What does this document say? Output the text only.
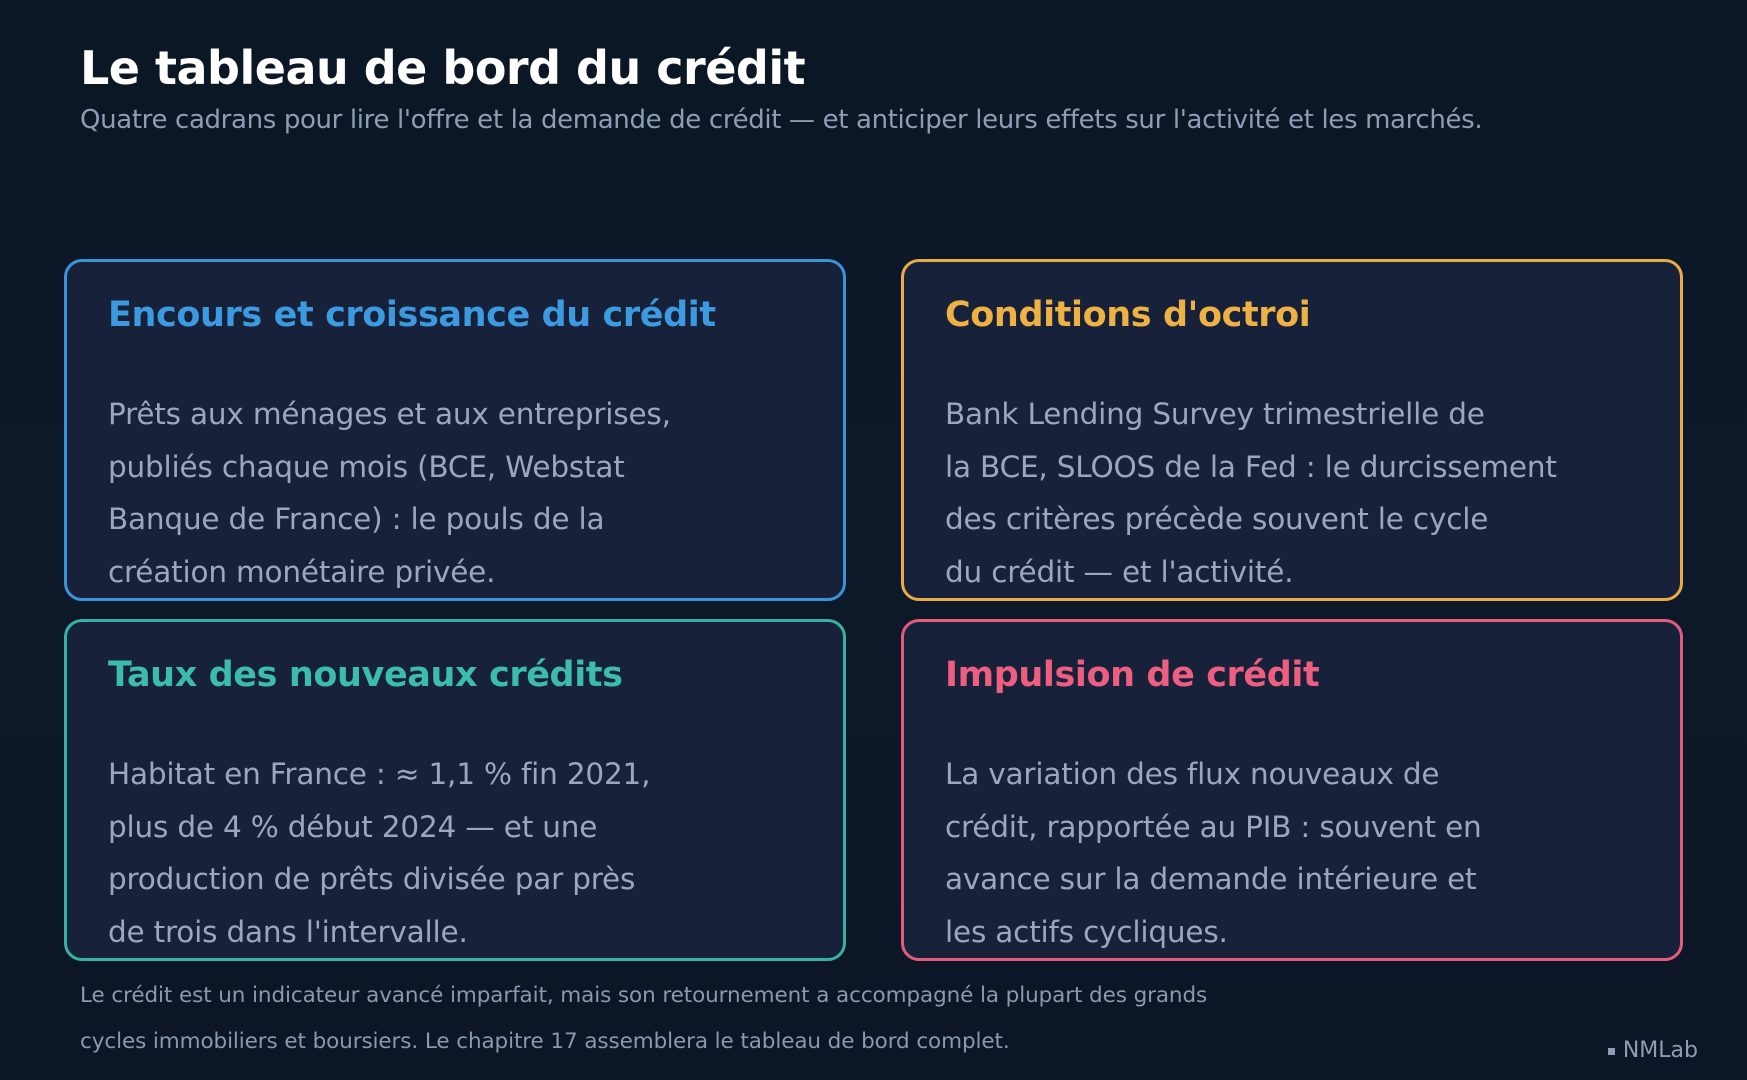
Le tableau de bord du crédit

Quatre cadrans pour lire l'offre et la demande de crédit — et anticiper leurs effets sur l'activité et les marchés.

Encours et croissance du crédit

Prêts aux ménages et aux entreprises,
publiés chaque mois (BCE, Webstat
Banque de France) : le pouls de la
création monétaire privée.

Conditions d'octroi

Bank Lending Survey trimestrielle de
la BCE, SLOOS de la Fed : le durcissement
des critères précède souvent le cycle
du crédit — et l'activité.

Taux des nouveaux crédits

Habitat en France : ≈ 1,1 % fin 2021,
plus de 4 % début 2024 — et une
production de prêts divisée par près
de trois dans l'intervalle.

Impulsion de crédit

La variation des flux nouveaux de
crédit, rapportée au PIB : souvent en
avance sur la demande intérieure et
les actifs cycliques.

Le crédit est un indicateur avancé imparfait, mais son retournement a accompagné la plupart des grands
cycles immobiliers et boursiers. Le chapitre 17 assemblera le tableau de bord complet.	NMLab
